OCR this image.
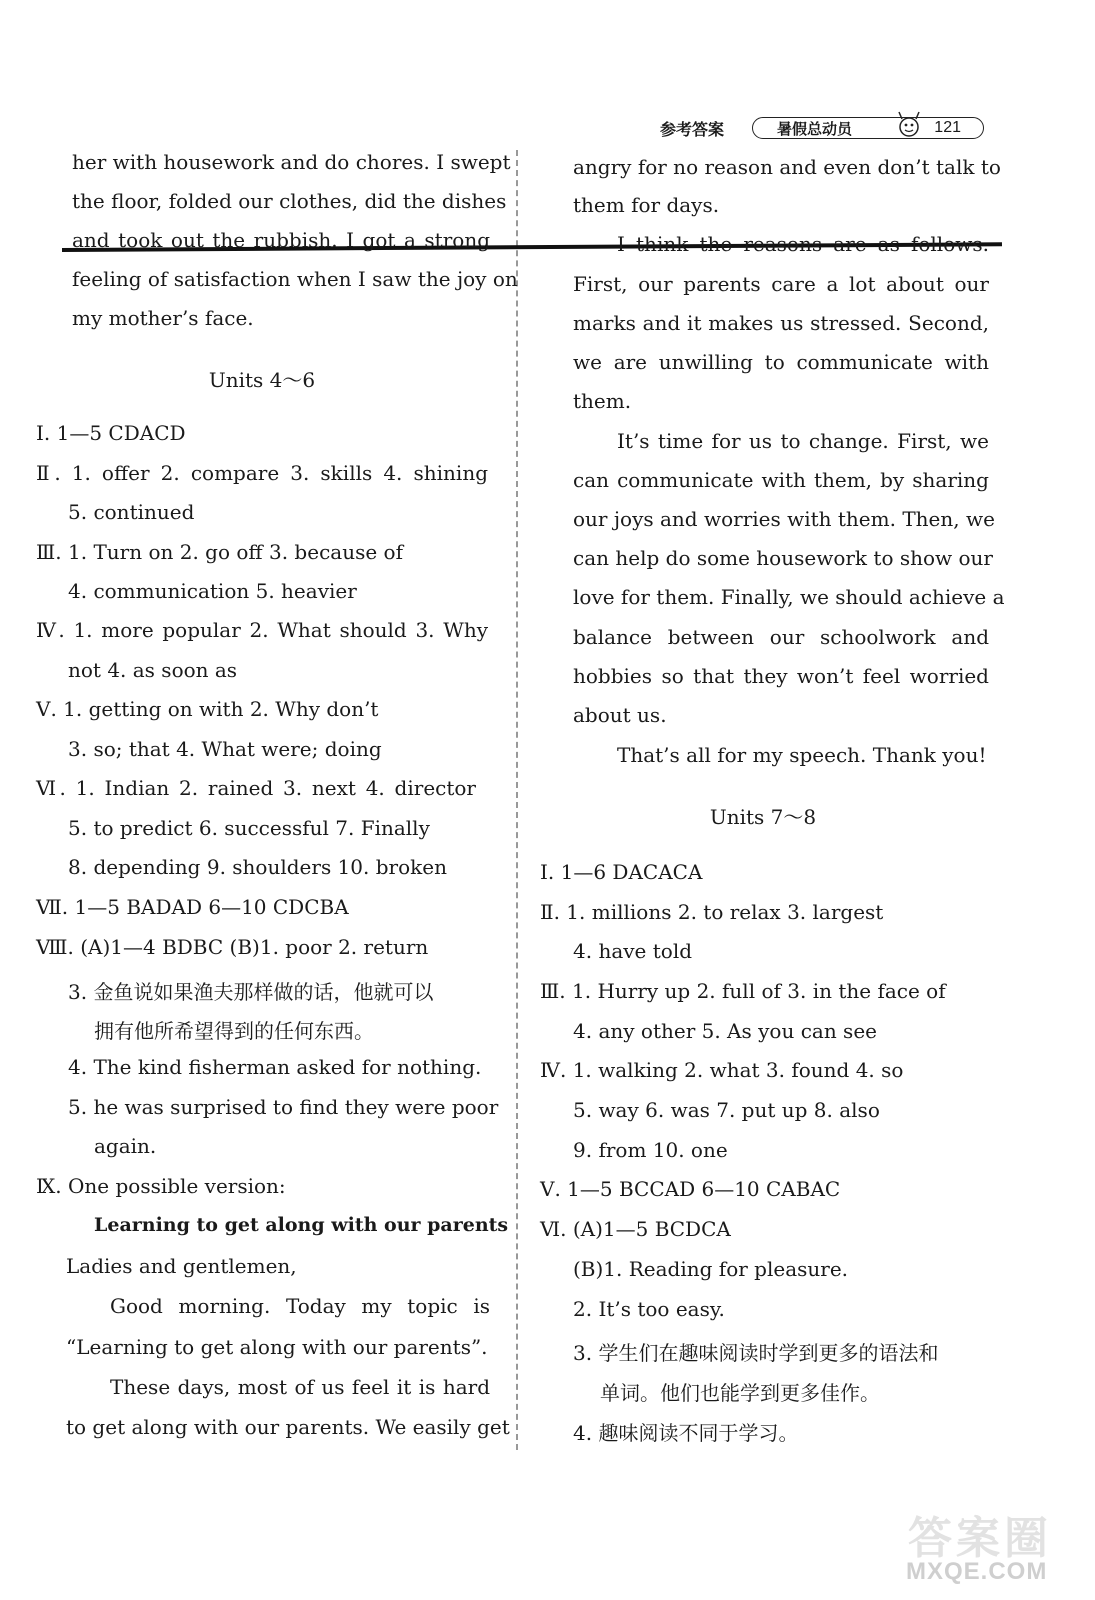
参考答案	暑假总动员	121
her with housework and do chores. I swept
the floor, folded our clothes, did the dishes
and took out the rubbish. I got a strong
feeling of satisfaction when I saw the joy on
my mother’s face.
Units 4～6
Ⅰ. 1—5 CDACD
Ⅱ. 1. offer 2. compare 3. skills 4. shining
5. continued
Ⅲ. 1. Turn on 2. go off 3. because of
4. communication 5. heavier
Ⅳ. 1. more popular 2. What should 3. Why
not 4. as soon as
Ⅴ. 1. getting on with 2. Why don’t
3. so; that 4. What were; doing
Ⅵ. 1. Indian 2. rained 3. next 4. director
5. to predict 6. successful 7. Finally
8. depending 9. shoulders 10. broken
Ⅶ. 1—5 BADAD 6—10 CDCBA
Ⅷ. (A)1—4 BDBC (B)1. poor 2. return
3. 金鱼说如果渔夫那样做的话，他就可以
拥有他所希望得到的任何东西。
4. The kind fisherman asked for nothing.
5. he was surprised to find they were poor
again.
Ⅸ. One possible version:
Learning to get along with our parents
Ladies and gentlemen,
Good morning. Today my topic is
“Learning to get along with our parents”.
These days, most of us feel it is hard
to get along with our parents. We easily get
angry for no reason and even don’t talk to
them for days.
I think the reasons are as follows.
First, our parents care a lot about our
marks and it makes us stressed. Second,
we are unwilling to communicate with
them.
It’s time for us to change. First, we
can communicate with them, by sharing
our joys and worries with them. Then, we
can help do some housework to show our
love for them. Finally, we should achieve a
balance between our schoolwork and
hobbies so that they won’t feel worried
about us.
That’s all for my speech. Thank you!
Units 7～8
Ⅰ. 1—6 DACACA
Ⅱ. 1. millions 2. to relax 3. largest
4. have told
Ⅲ. 1. Hurry up 2. full of 3. in the face of
4. any other 5. As you can see
Ⅳ. 1. walking 2. what 3. found 4. so
5. way 6. was 7. put up 8. also
9. from 10. one
Ⅴ. 1—5 BCCAD 6—10 CABAC
Ⅵ. (A)1—5 BCDCA
(B)1. Reading for pleasure.
2. It’s too easy.
3. 学生们在趣味阅读时学到更多的语法和
单词。他们也能学到更多佳作。
4. 趣味阅读不同于学习。
答案圈
MXQE.COM
